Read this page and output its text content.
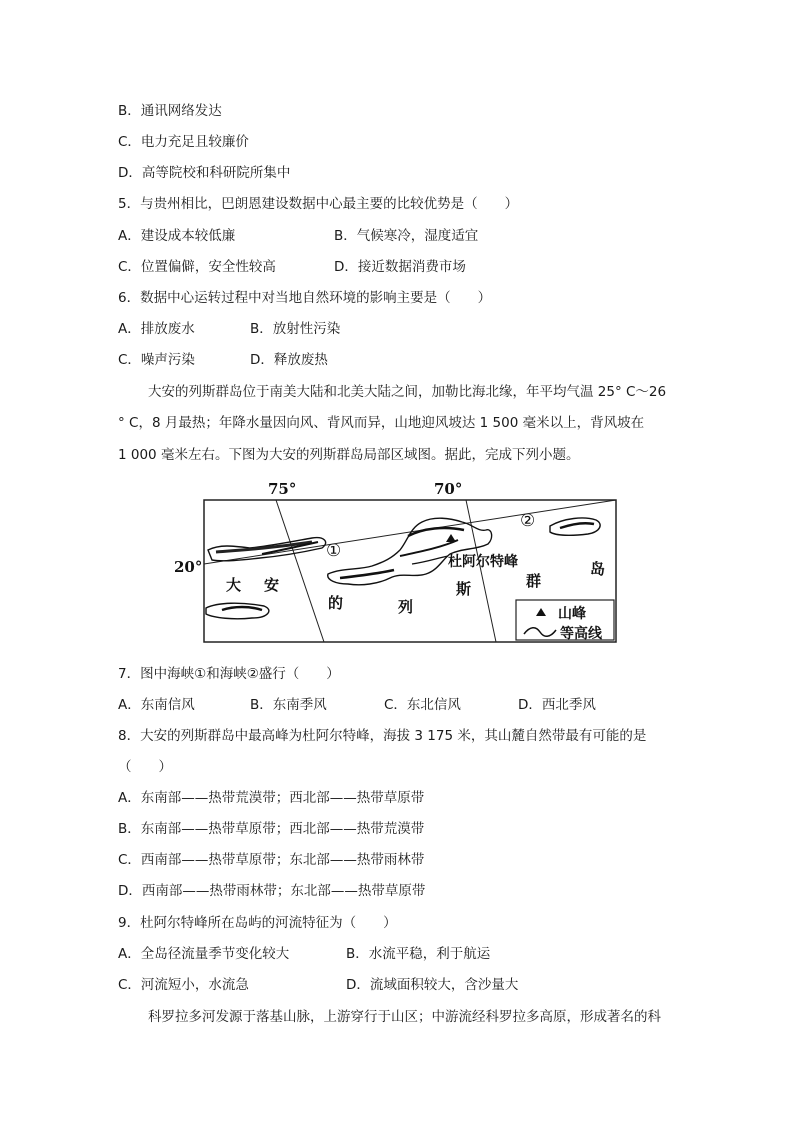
B．通讯网络发达
C．电力充足且较廉价
D．高等院校和科研院所集中
5．与贵州相比，巴朗恩建设数据中心最主要的比较优势是（　　）
A．建设成本较低廉	B．气候寒冷，湿度适宜
C．位置偏僻，安全性较高	D．接近数据消费市场
6．数据中心运转过程中对当地自然环境的影响主要是（　　）
A．排放废水	B．放射性污染
C．噪声污染	D．释放废热
大安的列斯群岛位于南美大陆和北美大陆之间，加勒比海北缘，年平均气温 25° C～26
° C，8 月最热；年降水量因向风、背风而异，山地迎风坡达 1 500 毫米以上，背风坡在
1 000 毫米左右。下图为大安的列斯群岛局部区域图。据此，完成下列小题。
75°	70°
20°
①
②
杜阿尔特峰
大 安
的	列
斯	群
岛
山峰
等高线
7．图中海峡①和海峡②盛行（　　）
A．东南信风	B．东南季风	C．东北信风	D．西北季风
8．大安的列斯群岛中最高峰为杜阿尔特峰，海拔 3 175 米，其山麓自然带最有可能的是
（　　）
A．东南部——热带荒漠带；西北部——热带草原带
B．东南部——热带草原带；西北部——热带荒漠带
C．西南部——热带草原带；东北部——热带雨林带
D．西南部——热带雨林带；东北部——热带草原带
9．杜阿尔特峰所在岛屿的河流特征为（　　）
A．全岛径流量季节变化较大	B．水流平稳，利于航运
C．河流短小，水流急	D．流域面积较大，含沙量大
科罗拉多河发源于落基山脉，上游穿行于山区；中游流经科罗拉多高原，形成著名的科
